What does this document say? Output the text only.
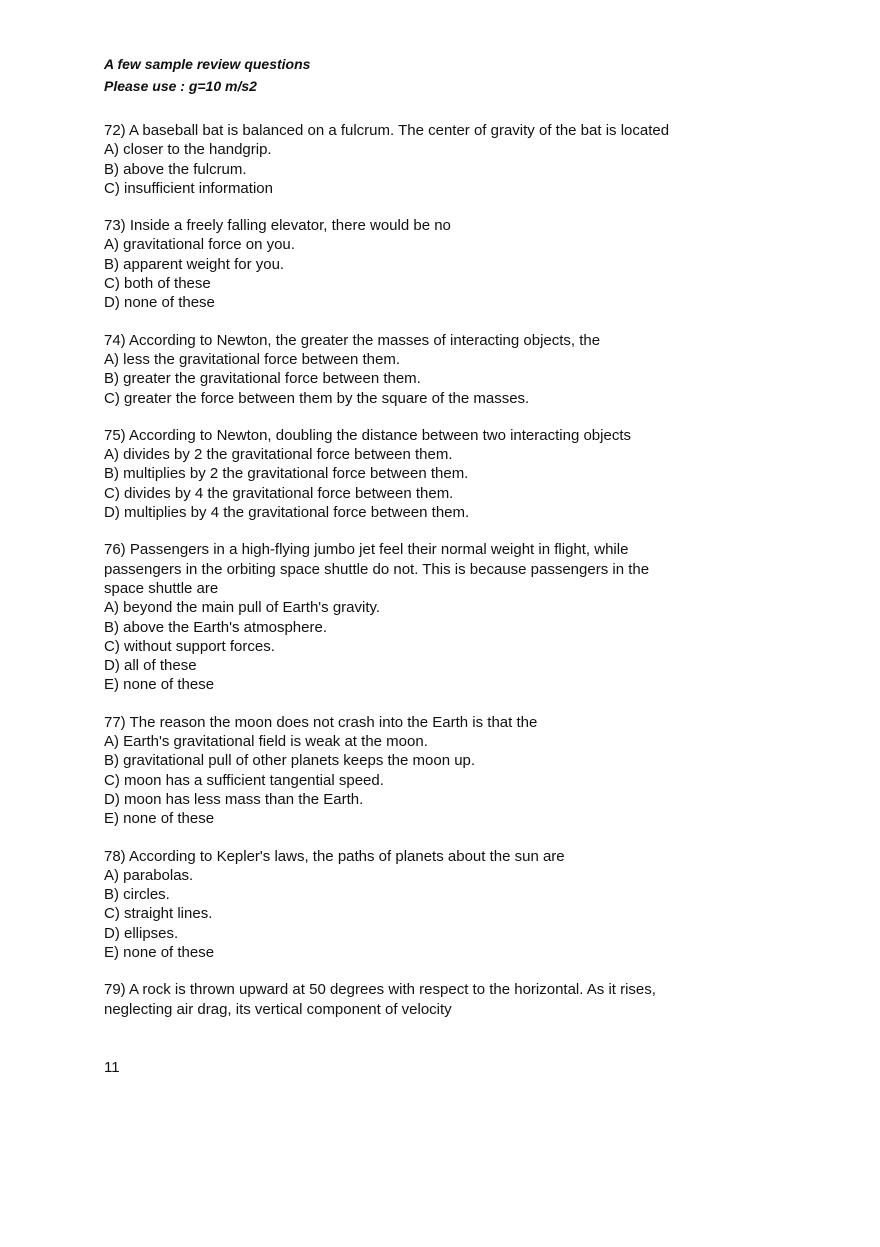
A few sample review questions
Please use : g=10 m/s2
72) A baseball bat is balanced on a fulcrum. The center of gravity of the bat is located
A) closer to the handgrip.
B) above the fulcrum.
C) insufficient information
73) Inside a freely falling elevator, there would be no
A) gravitational force on you.
B) apparent weight for you.
C) both of these
D) none of these
74) According to Newton, the greater the masses of interacting objects, the
A) less the gravitational force between them.
B) greater the gravitational force between them.
C) greater the force between them by the square of the masses.
75) According to Newton, doubling the distance between two interacting objects
A) divides by 2 the gravitational force between them.
B) multiplies by 2 the gravitational force between them.
C) divides by 4 the gravitational force between them.
D) multiplies by 4 the gravitational force between them.
76) Passengers in a high-flying jumbo jet feel their normal weight in flight, while
passengers in the orbiting space shuttle do not. This is because passengers in the
space shuttle are
A) beyond the main pull of Earth's gravity.
B) above the Earth's atmosphere.
C) without support forces.
D) all of these
E) none of these
77) The reason the moon does not crash into the Earth is that the
A) Earth's gravitational field is weak at the moon.
B) gravitational pull of other planets keeps the moon up.
C) moon has a sufficient tangential speed.
D) moon has less mass than the Earth.
E) none of these
78) According to Kepler's laws, the paths of planets about the sun are
A) parabolas.
B) circles.
C) straight lines.
D) ellipses.
E) none of these
79) A rock is thrown upward at 50 degrees with respect to the horizontal. As it rises,
neglecting air drag, its vertical component of velocity
11
